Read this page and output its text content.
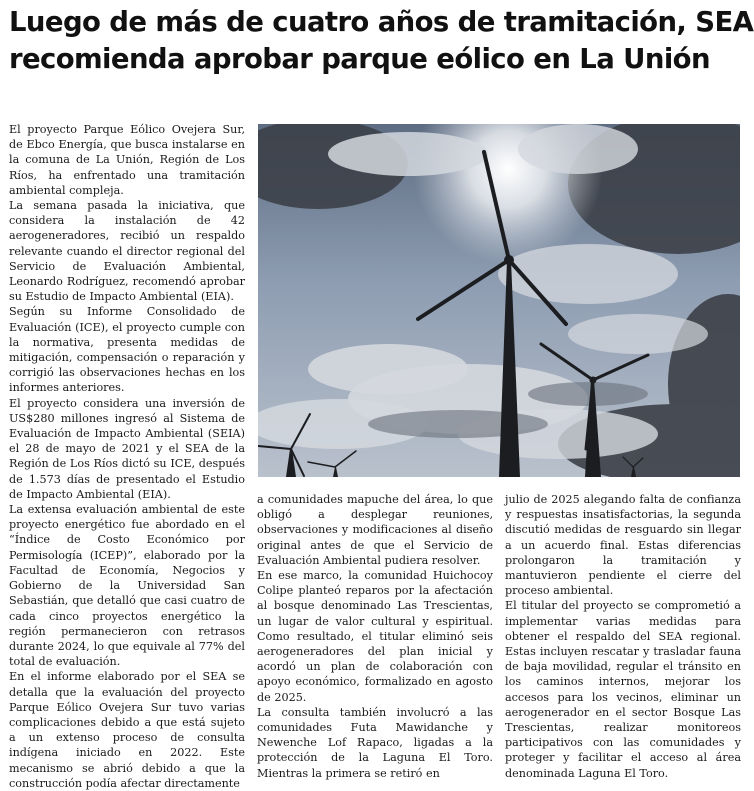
Luego de más de cuatro años de tramitación, SEA
recomienda aprobar parque eólico en La Unión

El proyecto Parque Eólico Ovejera Sur, de Ebco Energía, que busca instalarse en la comuna de La Unión, Región de Los Ríos, ha enfrentado una tramitación ambiental compleja.

La semana pasada la iniciativa, que considera la instalación de 42 aerogeneradores, recibió un respaldo relevante cuando el director regional del Servicio de Evaluación Ambiental, Leonardo Rodríguez, recomendó aprobar su Estudio de Impacto Ambiental (EIA).

Según su Informe Consolidado de Evaluación (ICE), el proyecto cumple con la normativa, presenta medidas de mitigación, compensación o reparación y corrigió las observaciones hechas en los informes anteriores.

El proyecto considera una inversión de US$280 millones ingresó al Sistema de Evaluación de Impacto Ambiental (SEIA) el 28 de mayo de 2021 y el SEA de la Región de Los Ríos dictó su ICE, después de 1.573 días de presentado el Estudio de Impacto Ambiental (EIA).

La extensa evaluación ambiental de este proyecto energético fue abordado en el “Índice de Costo Económico por Permisología (ICEP)”, elaborado por la Facultad de Economía, Negocios y Gobierno de la Universidad San Sebastián, que detalló que casi cuatro de cada cinco proyectos energético la región permanecieron con retrasos durante 2024, lo que equivale al 77% del total de evaluación.

En el informe elaborado por el SEA se detalla que la evaluación del proyecto Parque Eólico Ovejera Sur tuvo varias complicaciones debido a que está sujeto a un extenso proceso de consulta indígena iniciado en 2022. Este mecanismo se abrió debido a que la construcción podía afectar directamente

a comunidades mapuche del área, lo que obligó a desplegar reuniones, observaciones y modificaciones al diseño original antes de que el Servicio de Evaluación Ambiental pudiera resolver.

En ese marco, la comunidad Huichocoy Colipe planteó reparos por la afectación al bosque denominado Las Trescientas, un lugar de valor cultural y espiritual. Como resultado, el titular eliminó seis aerogeneradores del plan inicial y acordó un plan de colaboración con apoyo económico, formalizado en agosto de 2025.

La consulta también involucró a las comunidades Futa Mawidanche y Newenche Lof Rapaco, ligadas a la protección de la Laguna El Toro. Mientras la primera se retiró en

julio de 2025 alegando falta de confianza y respuestas insatisfactorias, la segunda discutió medidas de resguardo sin llegar a un acuerdo final. Estas diferencias prolongaron la tramitación y mantuvieron pendiente el cierre del proceso ambiental.

El titular del proyecto se comprometió a implementar varias medidas para obtener el respaldo del SEA regional. Estas incluyen rescatar y trasladar fauna de baja movilidad, regular el tránsito en los caminos internos, mejorar los accesos para los vecinos, eliminar un aerogenerador en el sector Bosque Las Trescientas, realizar monitoreos participativos con las comunidades y proteger y facilitar el acceso al área denominada Laguna El Toro.
